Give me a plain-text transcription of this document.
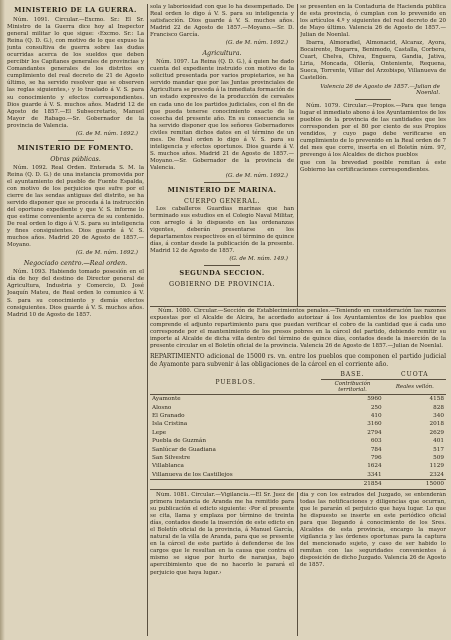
MINISTERIO DE LA GUERRA.

Núm. 1091. Circular.—Excmo. Sr.: El Sr. Ministro de la Guerra dice hoy al Inspector general militar lo que sigue: ‹Excmo. Sr.: La Reina (Q. D. G.), con motivo de lo que expuso la junta consultiva de guerra sobre las dudas ocurridas acerca de los sueldos que deben percibir los Capitanes generales de provincias y Comandantes generales de los distritos en cumplimiento del real decreto de 21 de Agosto último, se ha servido resolver que se observen las reglas siguientes,› y lo traslado á V. S. para su conocimiento y efectos correspondientes. Dios guarde á V. S. muchos años. Madrid 12 de Agosto de 1857.—El Subsecretario, Manuel Mayor de Rabago.—Sr. Gobernador de la provincia de Valencia.

(G. de M. núm. 1692.)
MINISTERIO DE FOMENTO.
Obras públicas.

Núm. 1092. Real Orden. Enterada S. M. la Reina (Q. D. G.) de una instancia promovida por el ayuntamiento del pueblo de Fuente Espalda, con motivo de los perjuicios que sufre por el cierre de las sendas antiguas del distrito, se ha servido disponer que se proceda á la instrucción del oportuno expediente y que V. S. informe lo que estime conveniente acerca de su contenido. De real orden lo digo á V. S. para su inteligencia y fines consiguientes. Dios guarde á V. S. muchos años. Madrid 20 de Agosto de 1857.—Moyano.

(G. de M. núm. 1692.)
Negociado centro.—Real orden.

Núm. 1093. Habiendo tomado posesión en el día de hoy del destino de Director general de Agricultura, Industria y Comercio, D. José Joaquín Mateu, de Real orden lo comunico á V. S. para su conocimiento y demás efectos consiguientes. Dios guarde á V. S. muchos años. Madrid 10 de Agosto de 1857.

sola y laboriosidad con que lo ha desempeñado. De Real orden lo digo á V. S. para su inteligencia y satisfacción. Dios guarde á V. S. muchos años. Madrid 22 de Agosto de 1857.—Moyano.—Sr. D. Francisco García.

(G. de M. núm. 1692.)
Agricultura.

Núm. 1097. La Reina (Q. D. G.), á quien he dado cuenta del expediente instruido con motivo de la solicitud presentada por varios propietarios, se ha servido mandar que por las Juntas provinciales de Agricultura se proceda á la inmediata formación de un estado expresivo de la producción de cereales en cada uno de los partidos judiciales, con el fin de que pueda tenerse conocimiento exacto de la cosecha del presente año. En su consecuencia se ha servido disponer que los señores Gobernadores civiles remitan dichos datos en el término de un mes. De Real orden lo digo á V. S. para su inteligencia y efectos oportunos. Dios guarde á V. S. muchos años. Madrid 21 de Agosto de 1857.—Moyano.—Sr. Gobernador de la provincia de Valencia.

(G. de M. núm. 1692.)
MINISTERIO DE MARINA.
CUERPO GENERAL.

Los caballeros Guardias marinas que han terminado sus estudios en el Colegio Naval Militar, con arreglo á lo dispuesto en las ordenanzas vigentes, deberán presentarse en los departamentos respectivos en el término de quince días, á contar desde la publicación de la presente. Madrid 12 de Agosto de 1857.

(G. de M. núm. 149.)
SEGUNDA SECCION.
GOBIERNO DE PROVINCIA.

se presenten en la Contaduría de Hacienda pública de esta provincia, ó cumplan con lo prevenido en los artículos 4.º y siguientes del real decreto de 20 de Mayo último. Valencia 26 de Agosto de 1857.—Julian de Noenlal.

Ibarra, Almoradiel, Almonacid, Alcaraz, Ayora, Bocairente, Bugarra, Benimodo, Castalla, Corbera, Cuart, Chelva, Chiva, Enguera, Gandia, Jativa, Liria, Moncada, Ollería, Onteniente, Requena, Sueca, Torrente, Villar del Arzobispo, Villanueva de Castellón.

Valencia 26 de Agosto de 1857.—Julian de Noenlal.

Núm. 1079. Circular.—Propios.—Para que tenga lugar el inmediato abono á los Ayuntamientos de los pueblos de la provincia de las cantidades que les corresponden por el 80 por ciento de sus Propios vendidos, y cuyo pago debe verificarse en cumplimiento de lo prevenido en la Real orden de 7 del mes que corre, inserta en el Boletín núm. 97, prevengo á los Alcaldes de dichos pueblos

que con la brevedad posible remitan á este Gobierno las certificaciones correspondientes.

Núm. 1080. Circular.—Sección de Establecimientos penales.—Teniendo en consideración las razones expuestas por el Alcalde de Alcira, he acordado autorizar á los Ayuntamientos de los pueblos que comprende el adjunto repartimiento para que puedan verificar el cobro de la cantidad que á cada uno corresponde por el mantenimiento de los presos pobres en la cárcel del partido, debiendo remitir su importe al Alcalde de dicha villa dentro del término de quince días, contados desde la inserción de la presente circular en el Boletín oficial de la provincia. Valencia 26 de Agosto de 1857.—Julian de Noenlal.

REPARTIMIENTO adicional de 15000 rs. vn. entre los pueblos que componen el partido judicial de Ayamonte para subvenir á las obligaciones de la cárcel en el corriente año.

PUEBLOS.	BASE.	CUOTA
	Contribución territorial.	Reales vellón.
Ayamonte	5960	4158
Alosno	250	828
El Granado	410	340
Isla Cristina	3160	2018
Lepe	2794	2629
Puebla de Guzmán	603	401
Sanlúcar de Guadiana	784	517
San Silvestre	796	509
Villablanca	1624	1129
Villanueva de los Castillejos	3341	2324
	21854	15000

Núm. 1081. Circular.—Vigilancia.—El Sr. Juez de primera instancia de Aranda me ha remitido para su publicación el edicto siguiente: ‹Por el presente se cita, llama y emplaza por término de treinta días, contados desde la inserción de este edicto en el Boletín oficial de la provincia, á Manuel García, natural de la villa de Aranda, para que se presente en la cárcel de este partido á defenderse de los cargos que le resultan en la causa que contra el mismo se sigue por hurto de naranjas, bajo apercibimiento que de no hacerlo le parará el perjuicio que haya lugar.›

día y con los estrados del Juzgado, se entenderán todas las notificaciones y diligencias que ocurran, que le pararán el perjuicio que haya lugar. Lo que he dispuesto se inserte en este periódico oficial para que llegando á conocimiento de los Sres. Alcaldes de esta provincia, encargo la mayor vigilancia y las órdenes oportunas para la captura del mencionado sujeto, y caso de ser habido lo remitan con las seguridades convenientes á disposición de dicho Juzgado. Valencia 26 de Agosto de 1857.
